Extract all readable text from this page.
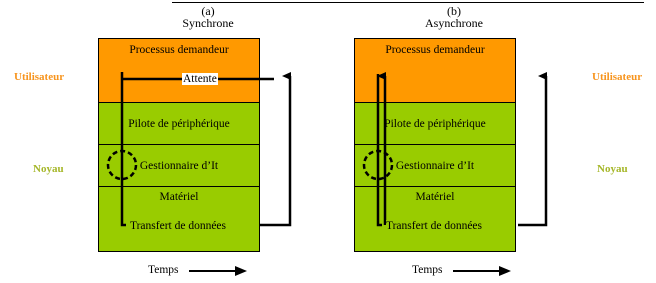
Utilisateur
Noyau
Utilisateur
Noyau
(a)
Synchrone
Processus demandeur
Pilote de périphérique
Gestionnaire d’It
Matériel
Attente
Transfert de données
Temps
(b)
Asynchrone
Processus demandeur
Pilote de périphérique
Gestionnaire d’It
Matériel
Transfert de données
Temps
